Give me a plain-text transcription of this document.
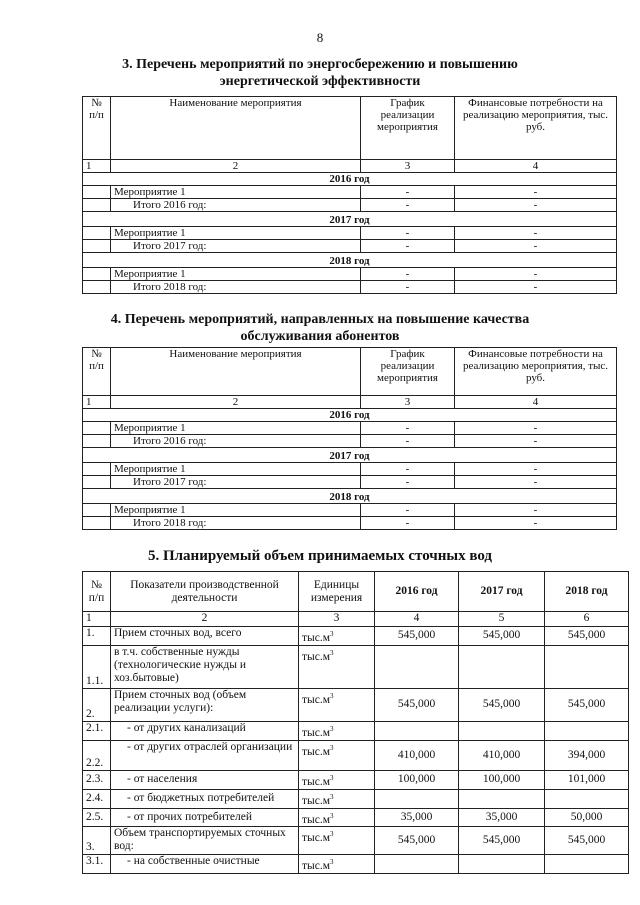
8
3. Перечень мероприятий по энергосбережению и повышению энергетической эффективности
№ п/п	Наименование мероприятия	График реализации мероприятия	Финансовые потребности на реализацию мероприятия, тыс. руб.
1	2	3	4
2016 год			
	Мероприятие 1	-	-
	Итого 2016 год:	-	-
2017 год			
	Мероприятие 1	-	-
	Итого 2017 год:	-	-
2018 год			
	Мероприятие 1	-	-
	Итого 2018 год:	-	-
4. Перечень мероприятий, направленных на повышение качества обслуживания абонентов
№ п/п	Наименование мероприятия	График реализации мероприятия	Финансовые потребности на реализацию мероприятия, тыс. руб.
1	2	3	4
2016 год			
	Мероприятие 1	-	-
	Итого 2016 год:	-	-
2017 год			
	Мероприятие 1	-	-
	Итого 2017 год:	-	-
2018 год			
	Мероприятие 1	-	-
	Итого 2018 год:	-	-
5. Планируемый объем принимаемых сточных вод
№ п/п	Показатели производственной деятельности	Единицы измерения	2016 год	2017 год	2018 год
1	2	3	4	5	6
1.	Прием сточных вод, всего	$тыс.м^3$	545,000	545,000	545,000
1.1.	в т.ч. собственные нужды (технологические нужды и хоз.бытовые)	$тыс.м^3$			
2.	Прием сточных вод (объем реализации услуги):	$тыс.м^3$	545,000	545,000	545,000
2.1.	- от других канализаций	$тыс.м^3$			
2.2.	- от других отраслей организации	$тыс.м^3$	410,000	410,000	394,000
2.3.	- от населения	$тыс.м^3$	100,000	100,000	101,000
2.4.	- от бюджетных потребителей	$тыс.м^3$			
2.5.	- от прочих потребителей	$тыс.м^3$	35,000	35,000	50,000
3.	Объем транспортируемых сточных вод:	$тыс.м^3$	545,000	545,000	545,000
3.1.	- на собственные очистные	$тыс.м^3$			
